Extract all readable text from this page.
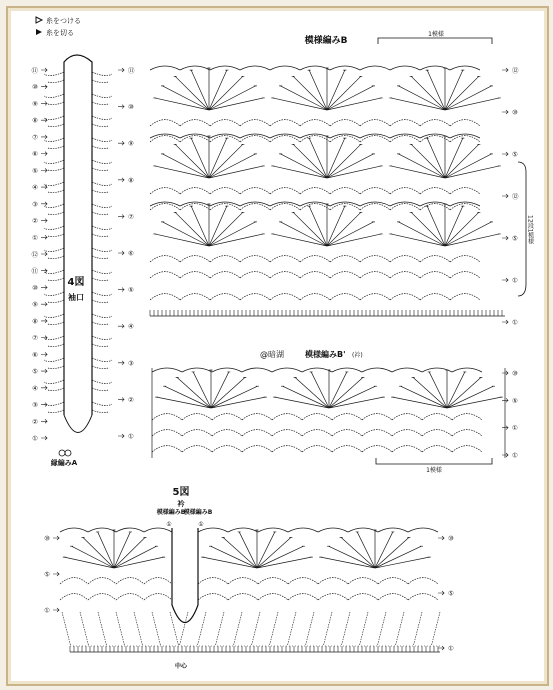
糸をつける
糸を切る
4図
袖口
縁編みA
⑪
⑩
⑨
⑧
⑦
⑥
⑤
④
③
②
①
⑫
⑪
⑩
⑨
⑧
⑦
⑥
⑤
④
③
②
①
⑪
⑩
⑨
⑧
⑦
⑥
⑤
④
③
②
①
模様編みB
1模様
12段1模様
⑫
⑩
⑤
⑫
⑤
①
①
@暗湖	模様編みB' (衿)
1模様
⑩
⑤
①
①
5図
衿
模様編みB
模様編みB
中心
⑩
⑤
①
⑩
⑤
①
①	①
